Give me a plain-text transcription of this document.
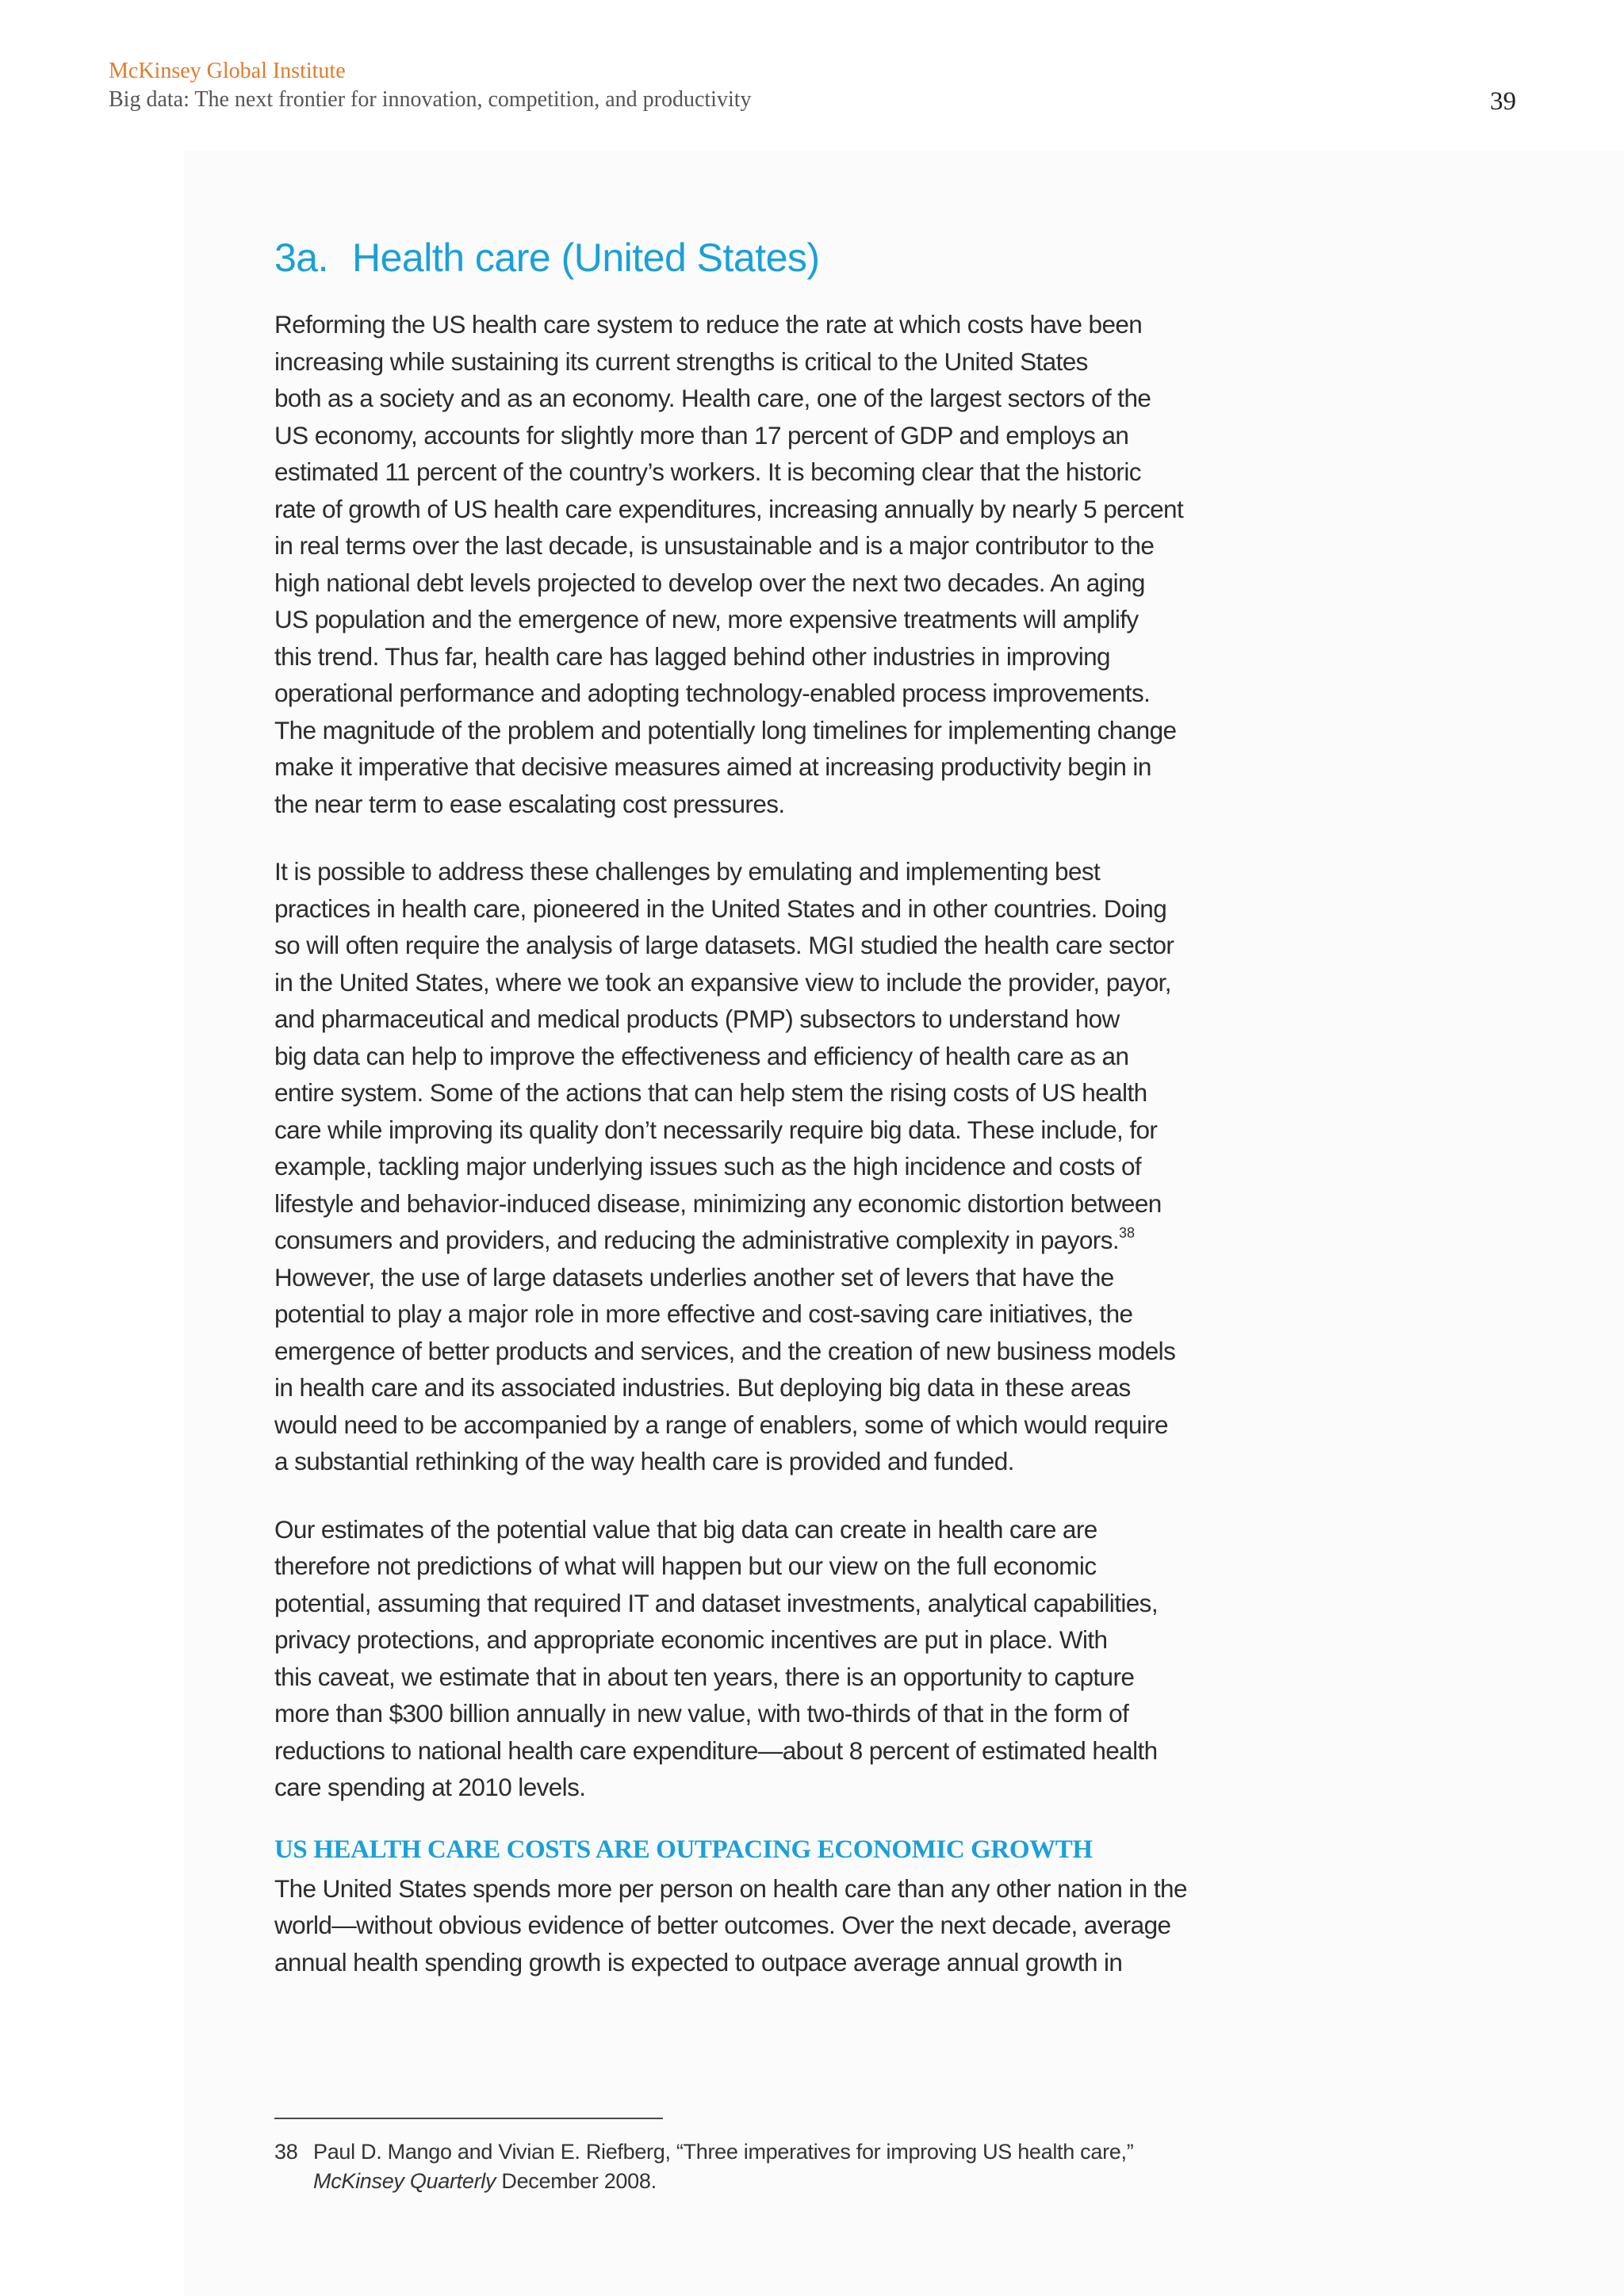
McKinsey Global Institute
Big data: The next frontier for innovation, competition, and productivity	39
3a. Health care (United States)

Reforming the US health care system to reduce the rate at which costs have been
increasing while sustaining its current strengths is critical to the United States
both as a society and as an economy. Health care, one of the largest sectors of the
US economy, accounts for slightly more than 17 percent of GDP and employs an
estimated 11 percent of the country’s workers. It is becoming clear that the historic
rate of growth of US health care expenditures, increasing annually by nearly 5 percent
in real terms over the last decade, is unsustainable and is a major contributor to the
high national debt levels projected to develop over the next two decades. An aging
US population and the emergence of new, more expensive treatments will amplify
this trend. Thus far, health care has lagged behind other industries in improving
operational performance and adopting technology-enabled process improvements.
The magnitude of the problem and potentially long timelines for implementing change
make it imperative that decisive measures aimed at increasing productivity begin in
the near term to ease escalating cost pressures.

It is possible to address these challenges by emulating and implementing best
practices in health care, pioneered in the United States and in other countries. Doing
so will often require the analysis of large datasets. MGI studied the health care sector
in the United States, where we took an expansive view to include the provider, payor,
and pharmaceutical and medical products (PMP) subsectors to understand how
big data can help to improve the effectiveness and efficiency of health care as an
entire system. Some of the actions that can help stem the rising costs of US health
care while improving its quality don’t necessarily require big data. These include, for
example, tackling major underlying issues such as the high incidence and costs of
lifestyle and behavior-induced disease, minimizing any economic distortion between
consumers and providers, and reducing the administrative complexity in payors.$^{38}$
However, the use of large datasets underlies another set of levers that have the
potential to play a major role in more effective and cost-saving care initiatives, the
emergence of better products and services, and the creation of new business models
in health care and its associated industries. But deploying big data in these areas
would need to be accompanied by a range of enablers, some of which would require
a substantial rethinking of the way health care is provided and funded.

Our estimates of the potential value that big data can create in health care are
therefore not predictions of what will happen but our view on the full economic
potential, assuming that required IT and dataset investments, analytical capabilities,
privacy protections, and appropriate economic incentives are put in place. With
this caveat, we estimate that in about ten years, there is an opportunity to capture
more than $300 billion annually in new value, with two-thirds of that in the form of
reductions to national health care expenditure—about 8 percent of estimated health
care spending at 2010 levels.

US HEALTH CARE COSTS ARE OUTPACING ECONOMIC GROWTH

The United States spends more per person on health care than any other nation in the
world—without obvious evidence of better outcomes. Over the next decade, average
annual health spending growth is expected to outpace average annual growth in

38 Paul D. Mango and Vivian E. Riefberg, “Three imperatives for improving US health care,”
McKinsey Quarterly December 2008.
